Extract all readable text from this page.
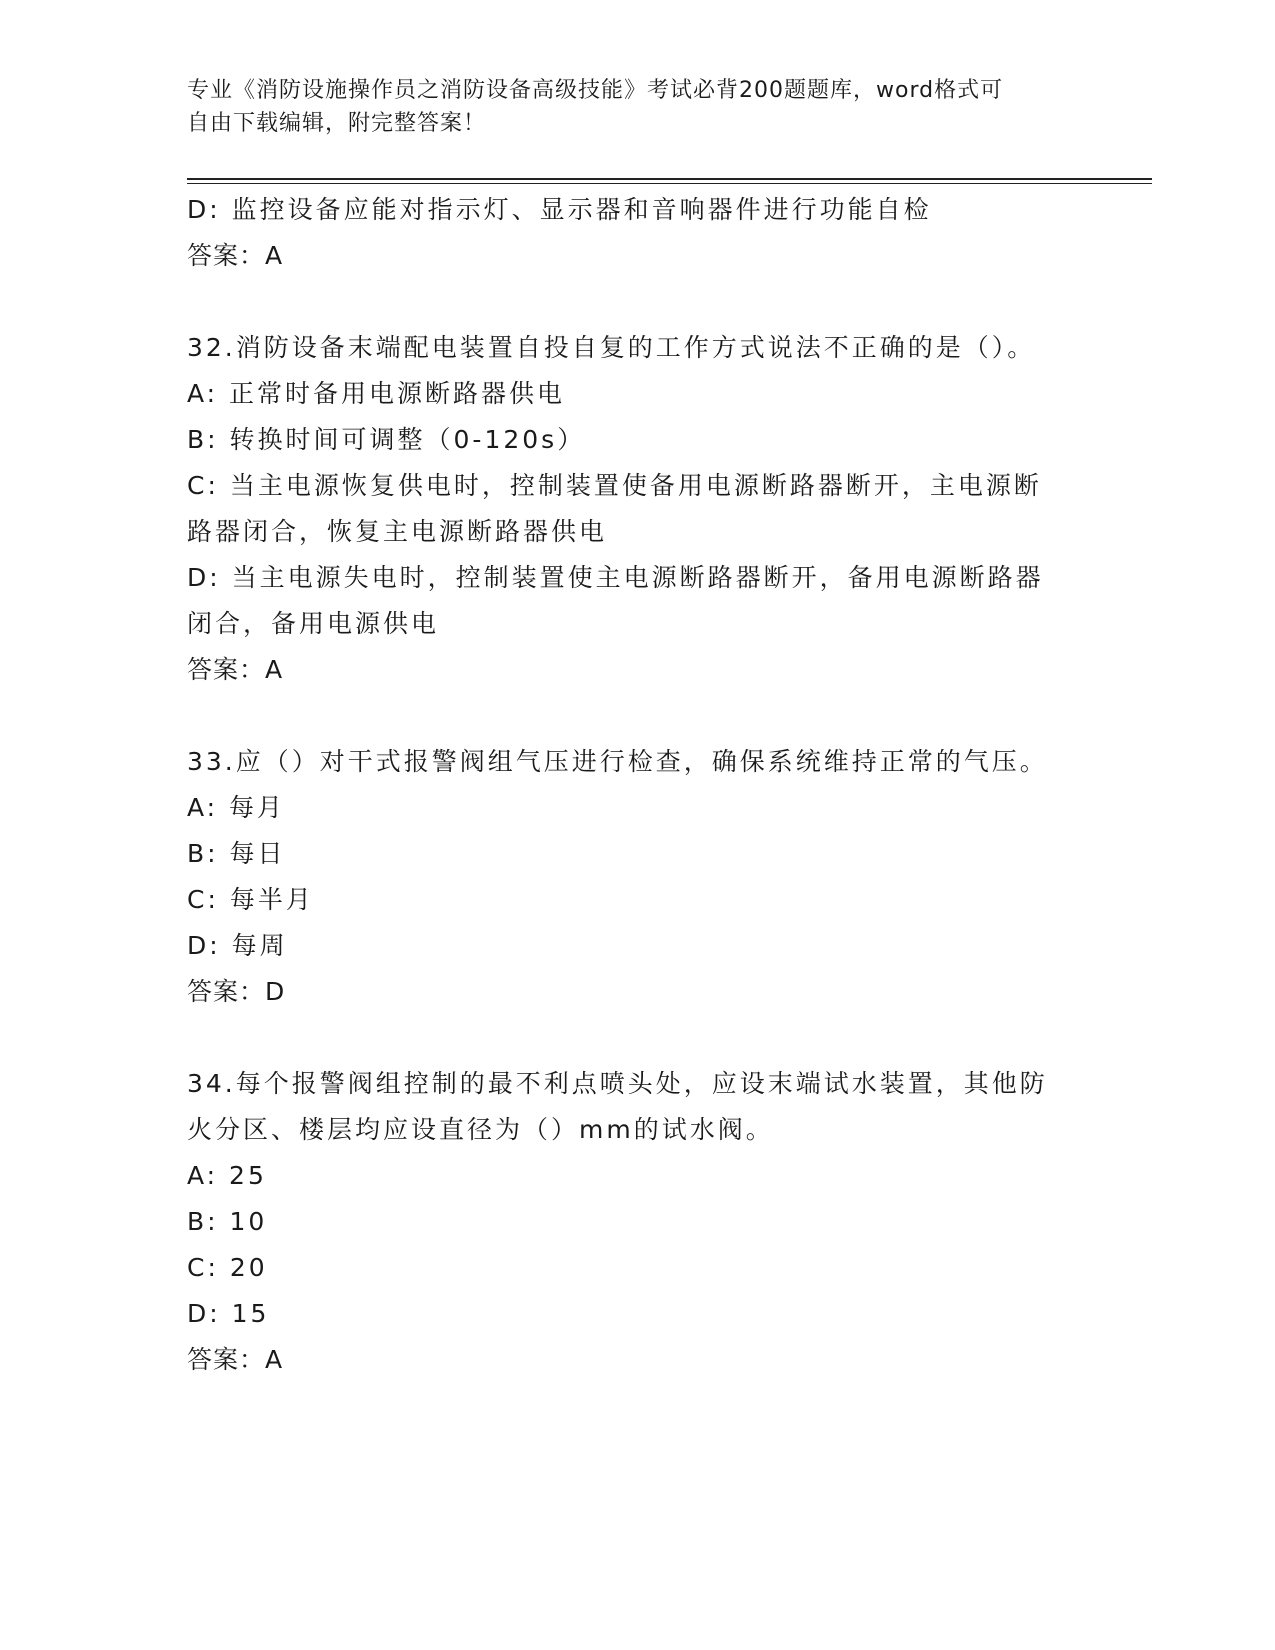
专业《消防设施操作员之消防设备高级技能》考试必背200题题库，word格式可
自由下载编辑，附完整答案！

D: 监控设备应能对指示灯、显示器和音响器件进行功能自检

答案：A

32.消防设备末端配电装置自投自复的工作方式说法不正确的是（）。

A: 正常时备用电源断路器供电

B: 转换时间可调整（0-120s）

C: 当主电源恢复供电时，控制装置使备用电源断路器断开，主电源断

路器闭合，恢复主电源断路器供电

D: 当主电源失电时，控制装置使主电源断路器断开，备用电源断路器

闭合，备用电源供电

答案：A

33.应（）对干式报警阀组气压进行检查，确保系统维持正常的气压。

A: 每月

B: 每日

C: 每半月

D: 每周

答案：D

34.每个报警阀组控制的最不利点喷头处，应设末端试水装置，其他防

火分区、楼层均应设直径为（）mm的试水阀。

A: 25

B: 10

C: 20

D: 15

答案：A
